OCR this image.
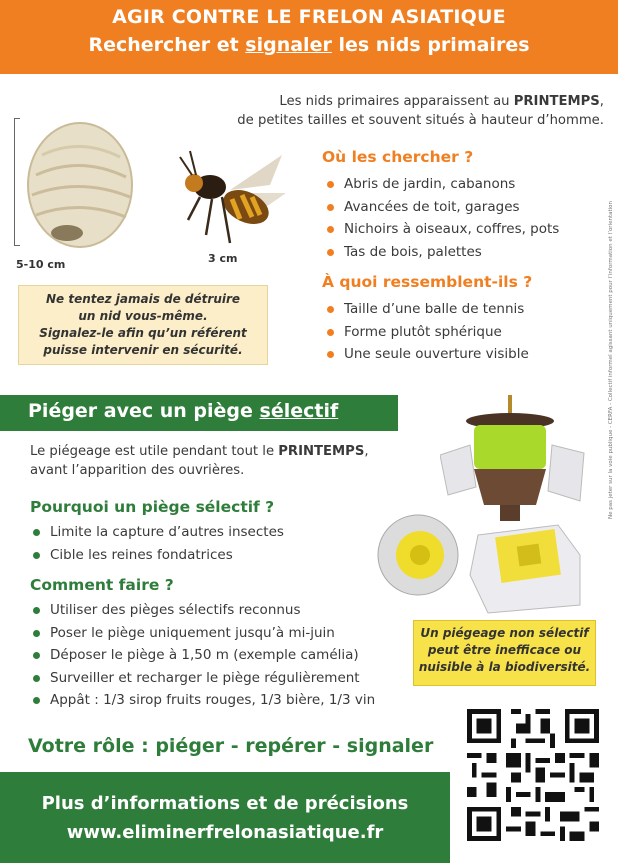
AGIR CONTRE LE FRELON ASIATIQUE
Rechercher et signaler les nids primaires
Les nids primaires apparaissent au PRINTEMPS,
de petites tailles et souvent situés à hauteur d’homme.
5-10 cm	3 cm
Ne tentez jamais de détruire
un nid vous-même.
Signalez-le afin qu’un référent
puisse intervenir en sécurité.
Où les chercher ?
Abris de jardin, cabanons
Avancées de toit, garages
Nichoirs à oiseaux, coffres, pots
Tas de bois, palettes
À quoi ressemblent-ils ?
Taille d’une balle de tennis
Forme plutôt sphérique
Une seule ouverture visible	Ne pas jeter sur la voie publique - CERFA - Collectif informel agissant uniquement pour l’information et l’orientation
Piéger avec un piège sélectif
Le piégeage est utile pendant tout le PRINTEMPS,
avant l’apparition des ouvrières.
Pourquoi un piège sélectif ?
Limite la capture d’autres insectes
Cible les reines fondatrices
Comment faire ?
Utiliser des pièges sélectifs reconnus
Poser le piège uniquement jusqu’à mi-juin
Déposer le piège à 1,50 m (exemple camélia)
Surveiller et recharger le piège régulièrement
Appât : 1/3 sirop fruits rouges, 1/3 bière, 1/3 vin
Un piégeage non sélectif
peut être inefficace ou
nuisible à la biodiversité.
Votre rôle : piéger - repérer - signaler
Plus d’informations et de précisions
www.eliminerfrelonasiatique.fr
